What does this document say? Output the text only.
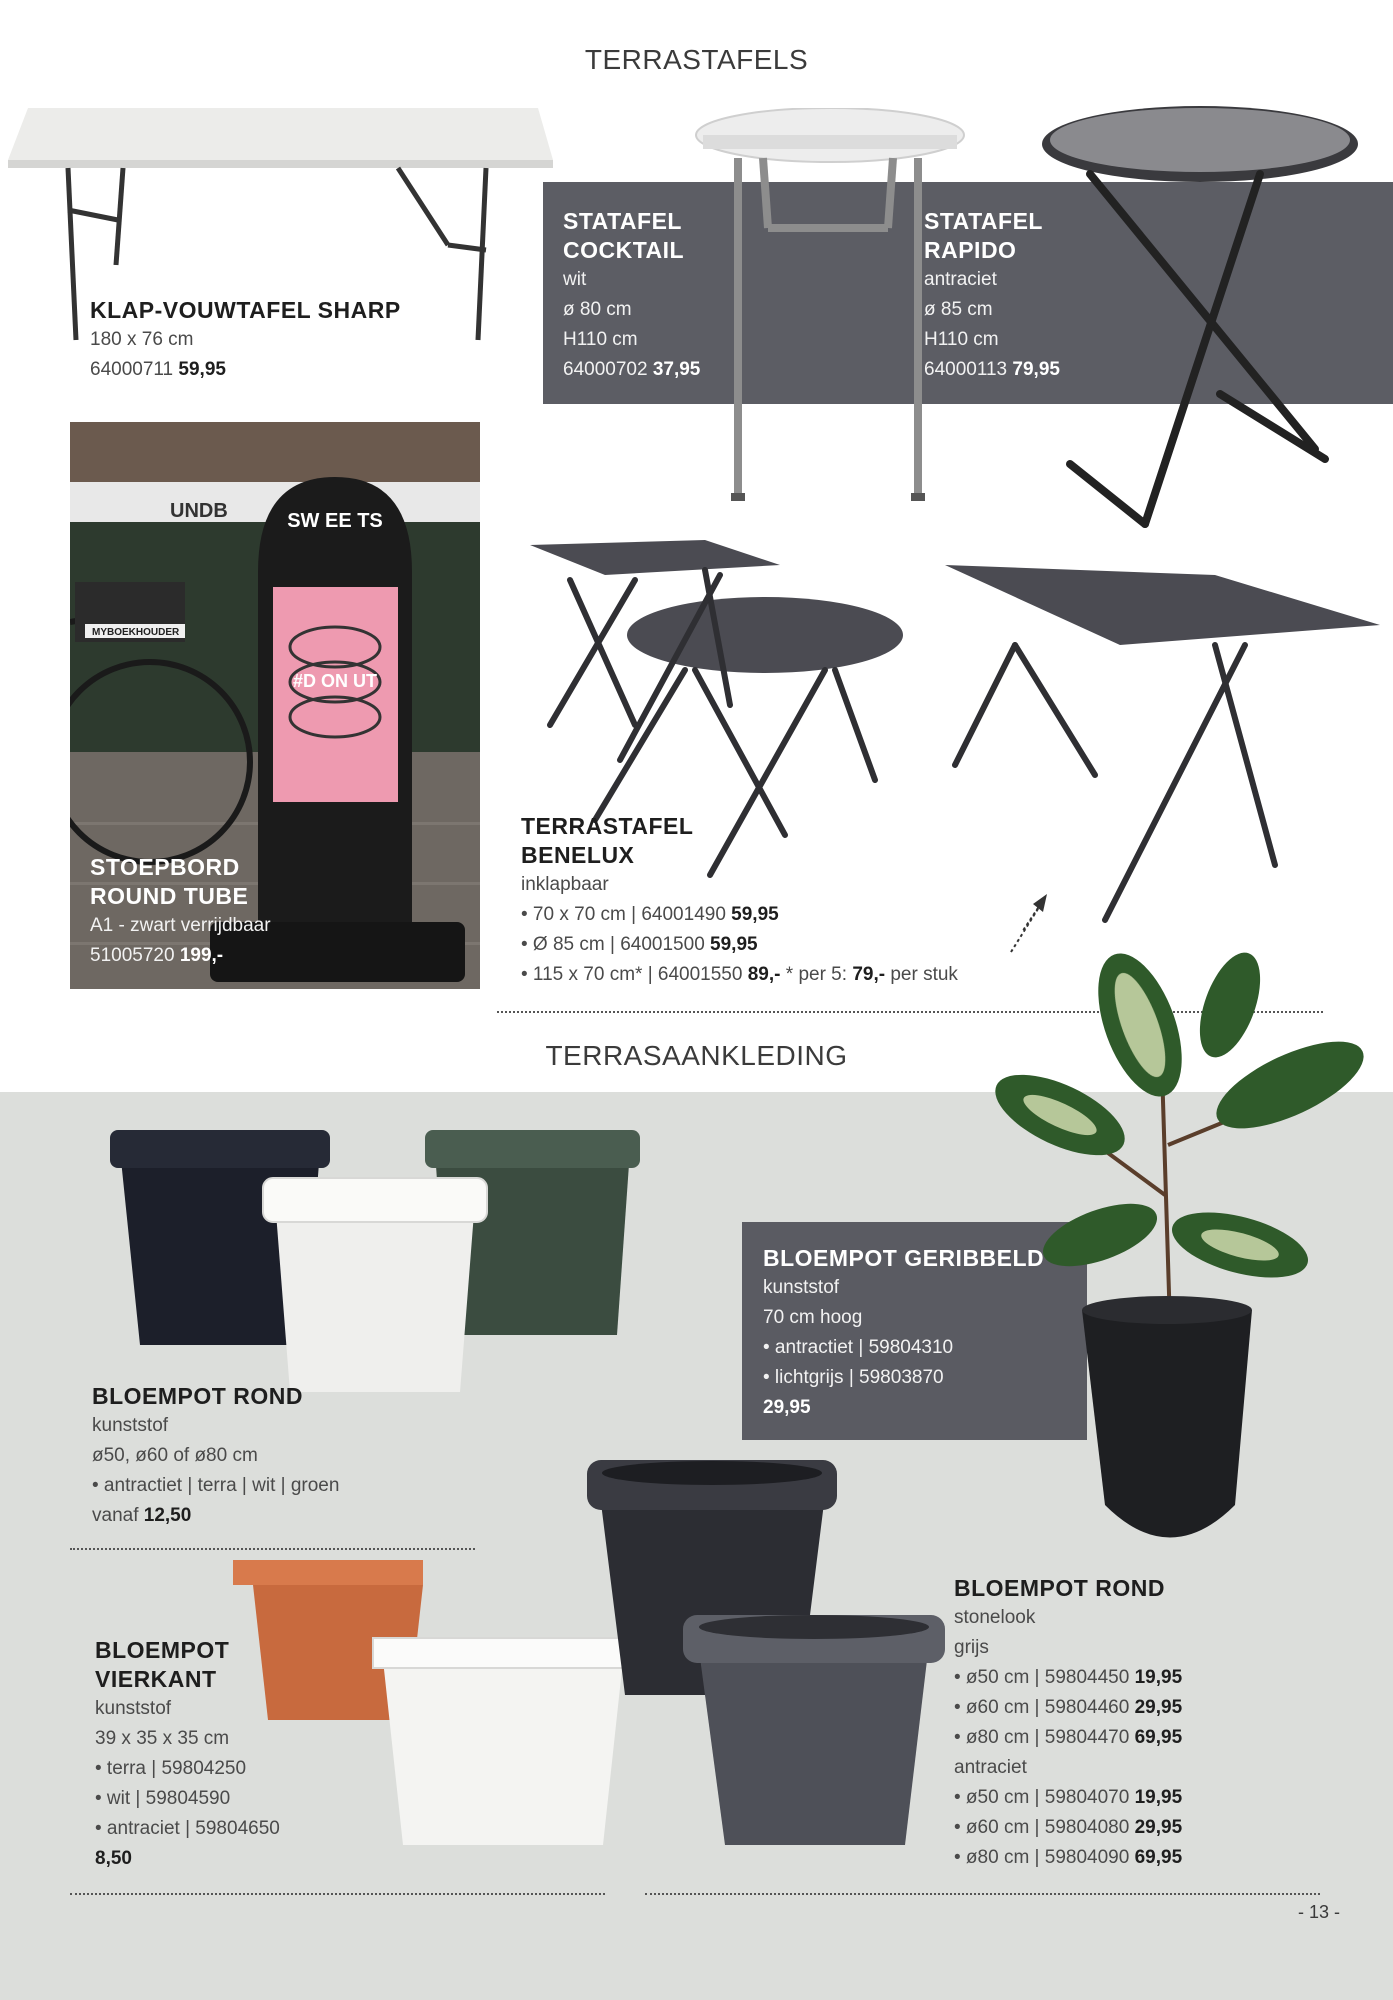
TERRASTAFELS
KLAP-VOUWTAFEL SHARP
180 x 76 cm
64000711 59,95
STATAFEL
COCKTAIL
wit
ø 80 cm
H110 cm
64000702 37,95
STATAFEL
RAPIDO
antraciet
ø 85 cm
H110 cm
64000113 79,95
UNDB
MYBOEKHOUDER
SW EE TS
#D ON UT
STOEPBORD
ROUND TUBE
A1 - zwart verrijdbaar
51005720 199,-
TERRASTAFEL
BENELUX
inklapbaar
• 70 x 70 cm | 64001490 59,95
• Ø 85 cm | 64001500 59,95
• 115 x 70 cm* | 64001550 89,- * per 5: 79,- per stuk
TERRASAANKLEDING
BLOEMPOT ROND
kunststof
ø50, ø60 of ø80 cm
• antractiet | terra | wit | groen
vanaf 12,50
BLOEMPOT GERIBBELD
kunststof
70 cm hoog
• antractiet | 59804310
• lichtgrijs | 59803870
29,95
BLOEMPOT
VIERKANT
kunststof
39 x 35 x 35 cm
• terra | 59804250
• wit | 59804590
• antraciet | 59804650
8,50
BLOEMPOT ROND
stonelook
grijs
• ø50 cm | 59804450 19,95
• ø60 cm | 59804460 29,95
• ø80 cm | 59804470 69,95
antraciet
• ø50 cm | 59804070 19,95
• ø60 cm | 59804080 29,95
• ø80 cm | 59804090 69,95
- 13 -
